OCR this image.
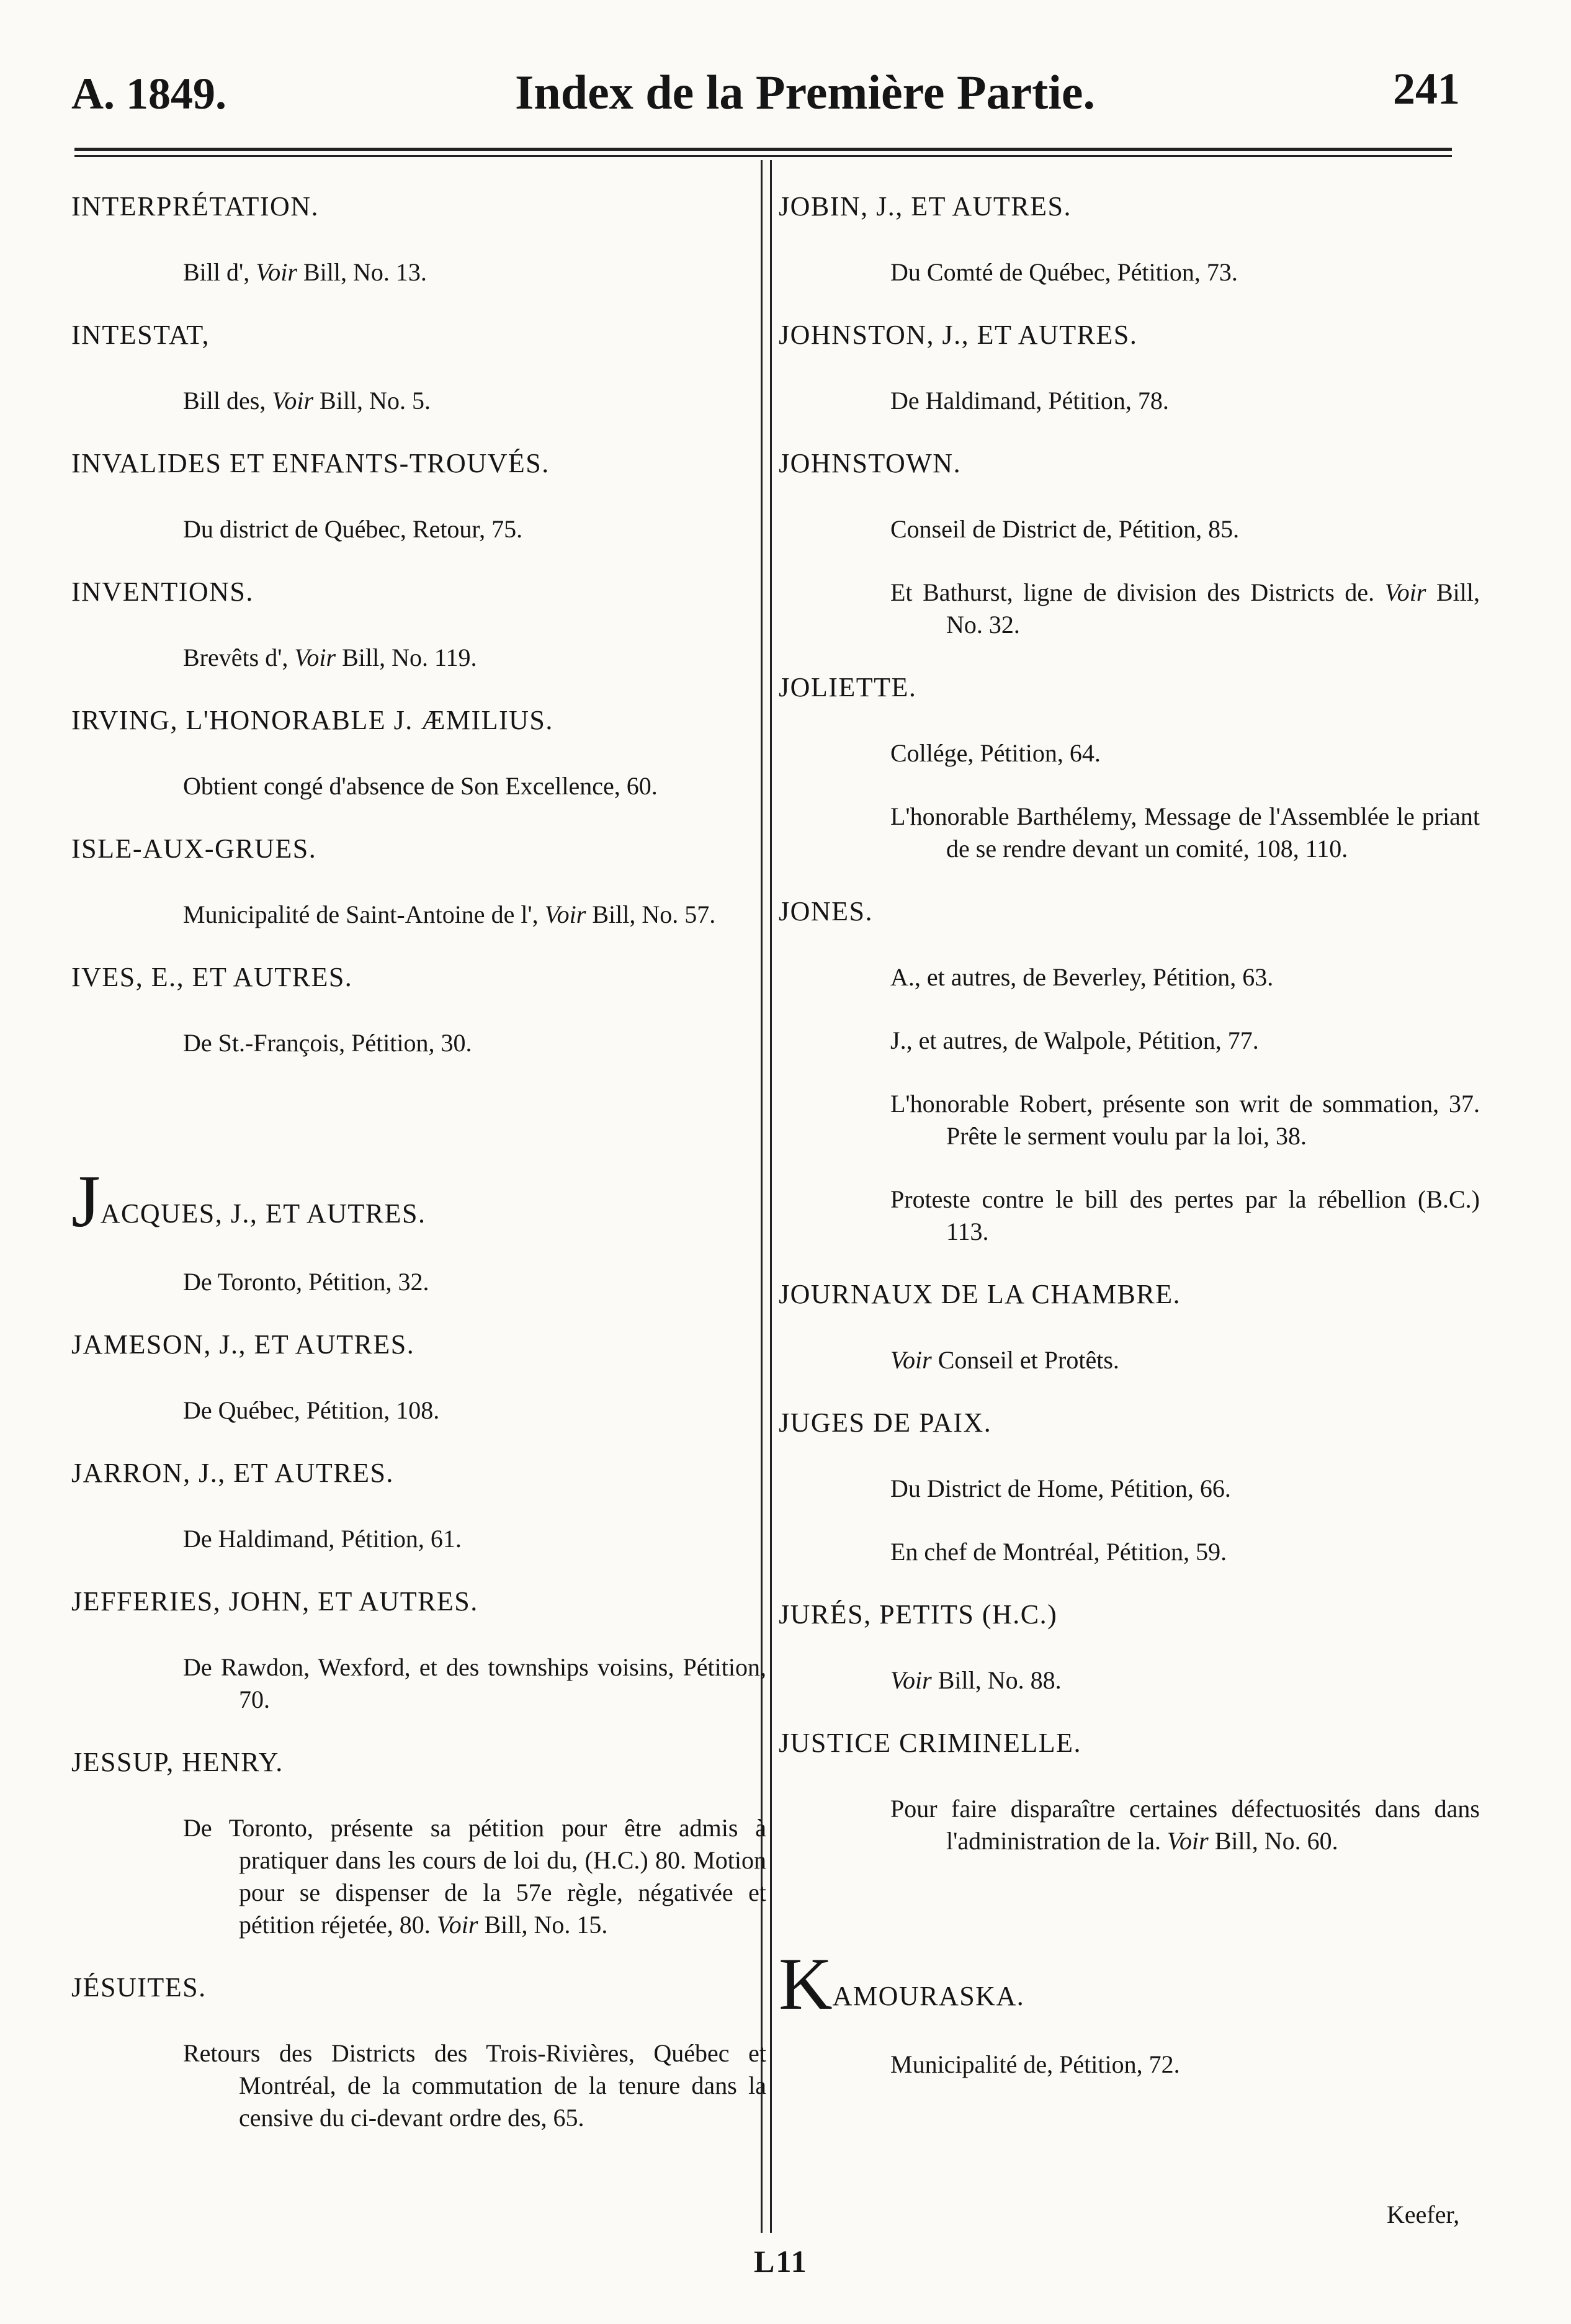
A. 1849.	Index de la Première Partie.	241
INTERPRÉTATION.
Bill d', Voir Bill, No. 13.
INTESTAT,
Bill des, Voir Bill, No. 5.
INVALIDES ET ENFANTS-TROUVÉS.
Du district de Québec, Retour, 75.
INVENTIONS.
Brevêts d', Voir Bill, No. 119.
IRVING, L'HONORABLE J. ÆMILIUS.
Obtient congé d'absence de Son Excellence, 60.
ISLE-AUX-GRUES.
Municipalité de Saint-Antoine de l', Voir Bill, No. 57.
IVES, E., ET AUTRES.
De St.-François, Pétition, 30.
JACQUES, J., ET AUTRES.
De Toronto, Pétition, 32.
JAMESON, J., ET AUTRES.
De Québec, Pétition, 108.
JARRON, J., ET AUTRES.
De Haldimand, Pétition, 61.
JEFFERIES, JOHN, ET AUTRES.
De Rawdon, Wexford, et des townships voisins, Pétition, 70.
JESSUP, HENRY.
De Toronto, présente sa pétition pour être admis à pratiquer dans les cours de loi du, (H.C.) 80. Motion pour se dispenser de la 57e règle, négativée et pétition réjetée, 80. Voir Bill, No. 15.
JÉSUITES.
Retours des Districts des Trois-Rivières, Québec et Montréal, de la commutation de la tenure dans la censive du ci-devant ordre des, 65.
JOBIN, J., ET AUTRES.
Du Comté de Québec, Pétition, 73.
JOHNSTON, J., ET AUTRES.
De Haldimand, Pétition, 78.
JOHNSTOWN.
Conseil de District de, Pétition, 85.
Et Bathurst, ligne de division des Districts de. Voir Bill, No. 32.
JOLIETTE.
Collége, Pétition, 64.
L'honorable Barthélemy, Message de l'Assemblée le priant de se rendre devant un comité, 108, 110.
JONES.
A., et autres, de Beverley, Pétition, 63.
J., et autres, de Walpole, Pétition, 77.
L'honorable Robert, présente son writ de sommation, 37. Prête le serment voulu par la loi, 38.
Proteste contre le bill des pertes par la rébellion (B.C.) 113.
JOURNAUX DE LA CHAMBRE.
Voir Conseil et Protêts.
JUGES DE PAIX.
Du District de Home, Pétition, 66.
En chef de Montréal, Pétition, 59.
JURÉS, PETITS (H.C.)
Voir Bill, No. 88.
JUSTICE CRIMINELLE.
Pour faire disparaître certaines défectuosités dans dans l'administration de la. Voir Bill, No. 60.
KAMOURASKA.
Municipalité de, Pétition, 72.
Keefer,
L11
